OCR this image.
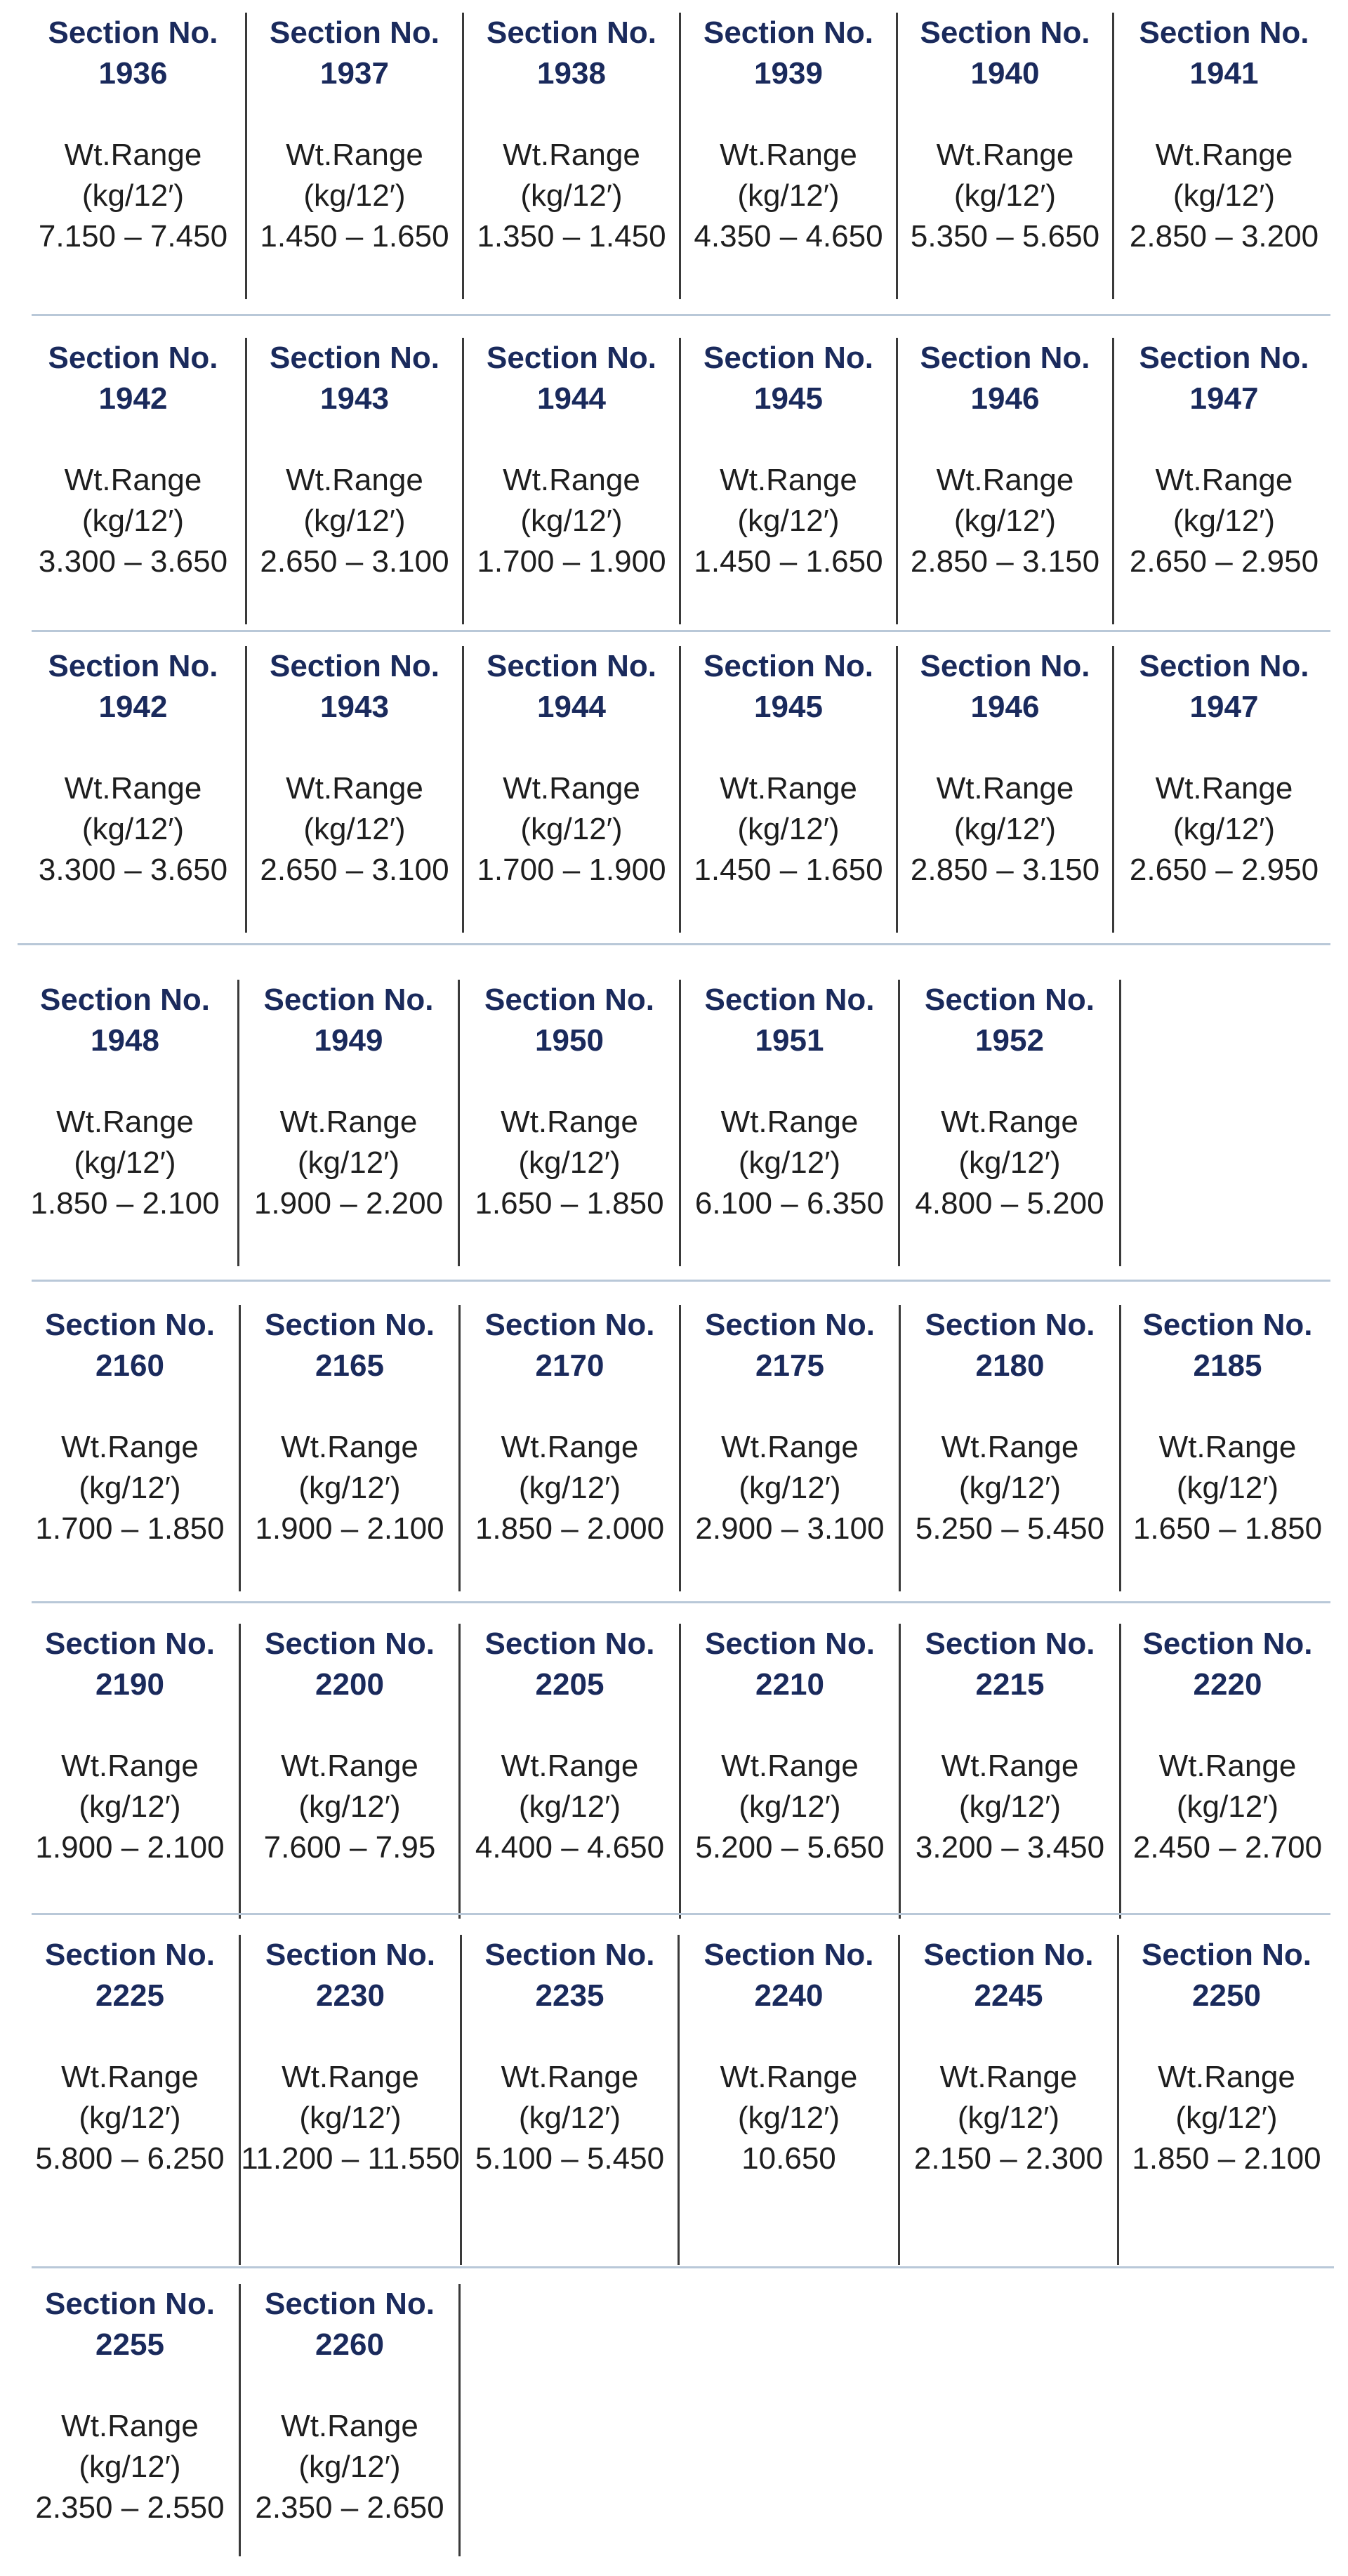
Section No.
1936
Wt.Range
(kg/12′)
7.150 – 7.450
Section No.
1937
Wt.Range
(kg/12′)
1.450 – 1.650
Section No.
1938
Wt.Range
(kg/12′)
1.350 – 1.450
Section No.
1939
Wt.Range
(kg/12′)
4.350 – 4.650
Section No.
1940
Wt.Range
(kg/12′)
5.350 – 5.650
Section No.
1941
Wt.Range
(kg/12′)
2.850 – 3.200
Section No.
1942
Wt.Range
(kg/12′)
3.300 – 3.650
Section No.
1943
Wt.Range
(kg/12′)
2.650 – 3.100
Section No.
1944
Wt.Range
(kg/12′)
1.700 – 1.900
Section No.
1945
Wt.Range
(kg/12′)
1.450 – 1.650
Section No.
1946
Wt.Range
(kg/12′)
2.850 – 3.150
Section No.
1947
Wt.Range
(kg/12′)
2.650 – 2.950
Section No.
1942
Wt.Range
(kg/12′)
3.300 – 3.650
Section No.
1943
Wt.Range
(kg/12′)
2.650 – 3.100
Section No.
1944
Wt.Range
(kg/12′)
1.700 – 1.900
Section No.
1945
Wt.Range
(kg/12′)
1.450 – 1.650
Section No.
1946
Wt.Range
(kg/12′)
2.850 – 3.150
Section No.
1947
Wt.Range
(kg/12′)
2.650 – 2.950
Section No.
1948
Wt.Range
(kg/12′)
1.850 – 2.100
Section No.
1949
Wt.Range
(kg/12′)
1.900 – 2.200
Section No.
1950
Wt.Range
(kg/12′)
1.650 – 1.850
Section No.
1951
Wt.Range
(kg/12′)
6.100 – 6.350
Section No.
1952
Wt.Range
(kg/12′)
4.800 – 5.200
Section No.
2160
Wt.Range
(kg/12′)
1.700 – 1.850
Section No.
2165
Wt.Range
(kg/12′)
1.900 – 2.100
Section No.
2170
Wt.Range
(kg/12′)
1.850 – 2.000
Section No.
2175
Wt.Range
(kg/12′)
2.900 – 3.100
Section No.
2180
Wt.Range
(kg/12′)
5.250 – 5.450
Section No.
2185
Wt.Range
(kg/12′)
1.650 – 1.850
Section No.
2190
Wt.Range
(kg/12′)
1.900 – 2.100
Section No.
2200
Wt.Range
(kg/12′)
7.600 – 7.95
Section No.
2205
Wt.Range
(kg/12′)
4.400 – 4.650
Section No.
2210
Wt.Range
(kg/12′)
5.200 – 5.650
Section No.
2215
Wt.Range
(kg/12′)
3.200 – 3.450
Section No.
2220
Wt.Range
(kg/12′)
2.450 – 2.700
Section No.
2225
Wt.Range
(kg/12′)
5.800 – 6.250
Section No.
2230
Wt.Range
(kg/12′)
11.200 – 11.550
Section No.
2235
Wt.Range
(kg/12′)
5.100 – 5.450
Section No.
2240
Wt.Range
(kg/12′)
10.650
Section No.
2245
Wt.Range
(kg/12′)
2.150 – 2.300
Section No.
2250
Wt.Range
(kg/12′)
1.850 – 2.100
Section No.
2255
Wt.Range
(kg/12′)
2.350 – 2.550
Section No.
2260
Wt.Range
(kg/12′)
2.350 – 2.650
